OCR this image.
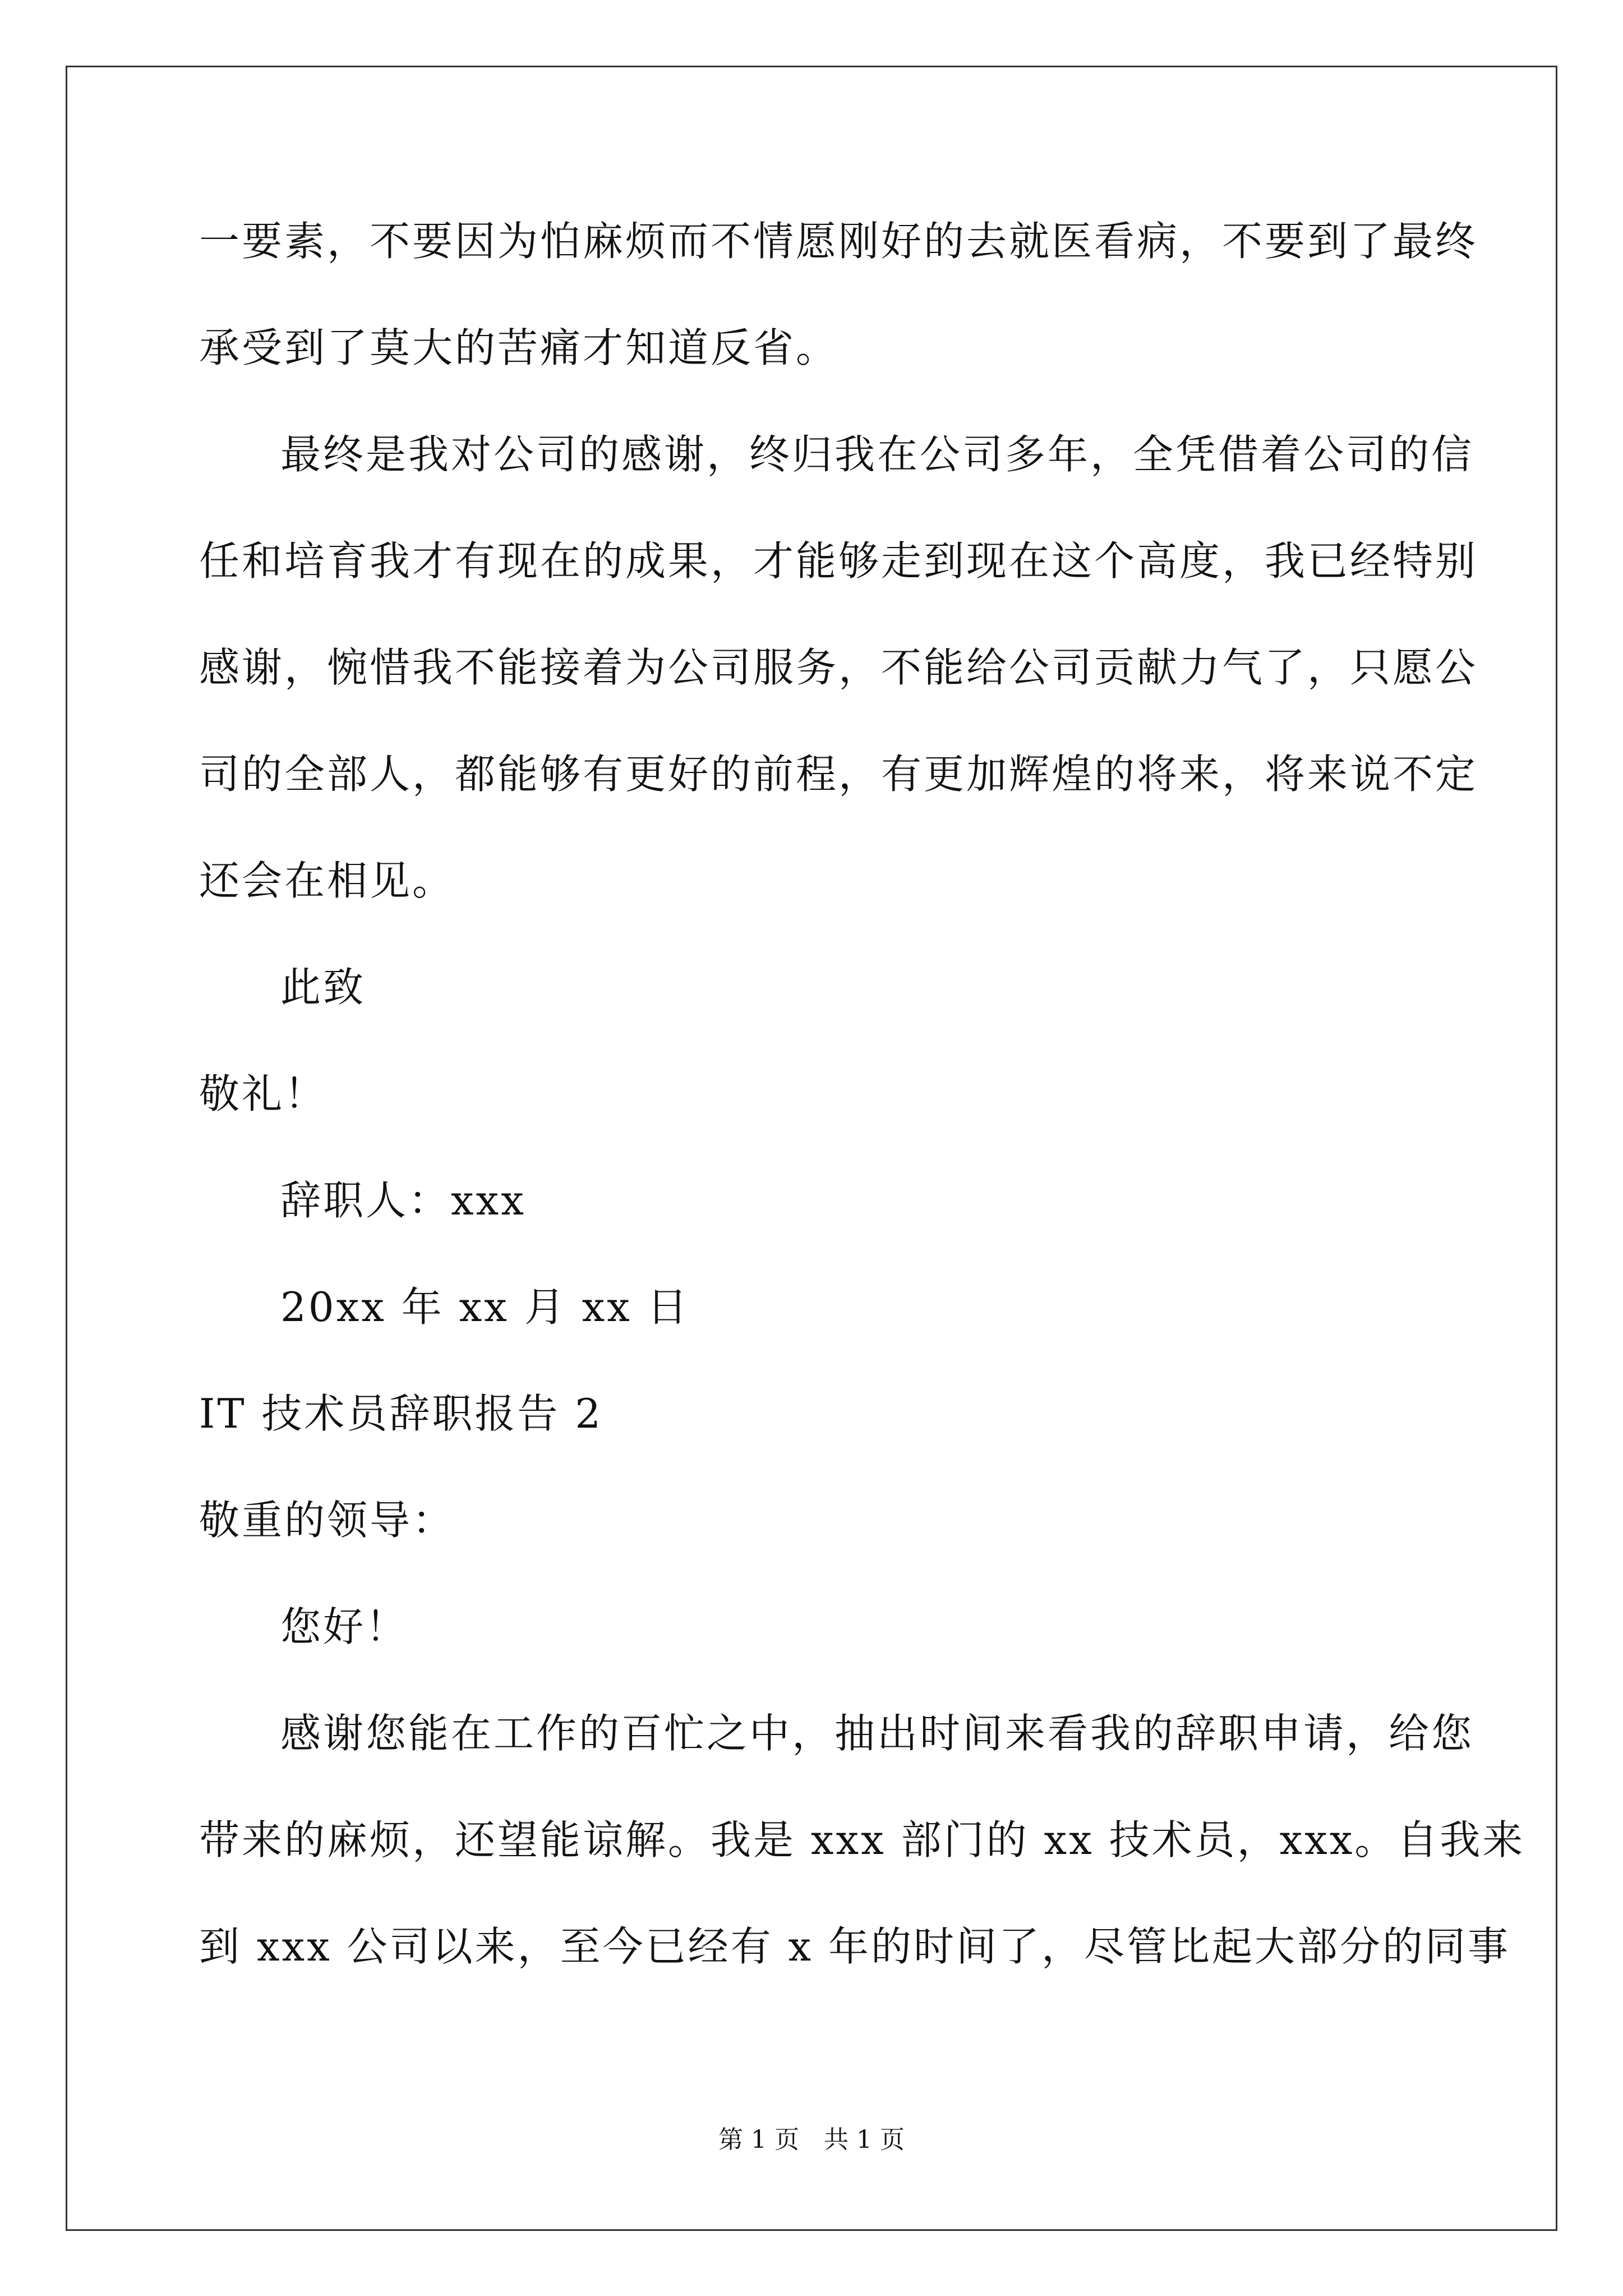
一要素，不要因为怕麻烦而不情愿刚好的去就医看病，不要到了最终
承受到了莫大的苦痛才知道反省。
最终是我对公司的感谢，终归我在公司多年，全凭借着公司的信
任和培育我才有现在的成果，才能够走到现在这个高度，我已经特别
感谢，惋惜我不能接着为公司服务，不能给公司贡献力气了，只愿公
司的全部人，都能够有更好的前程，有更加辉煌的将来，将来说不定
还会在相见。
此致
敬礼！
辞职人：xxx
20xx 年 xx 月 xx 日
IT 技术员辞职报告 2
敬重的领导：
您好！
感谢您能在工作的百忙之中，抽出时间来看我的辞职申请，给您
带来的麻烦，还望能谅解。我是 xxx 部门的 xx 技术员，xxx。自我来
到 xxx 公司以来，至今已经有 x 年的时间了，尽管比起大部分的同事
第 1 页　共 1 页
